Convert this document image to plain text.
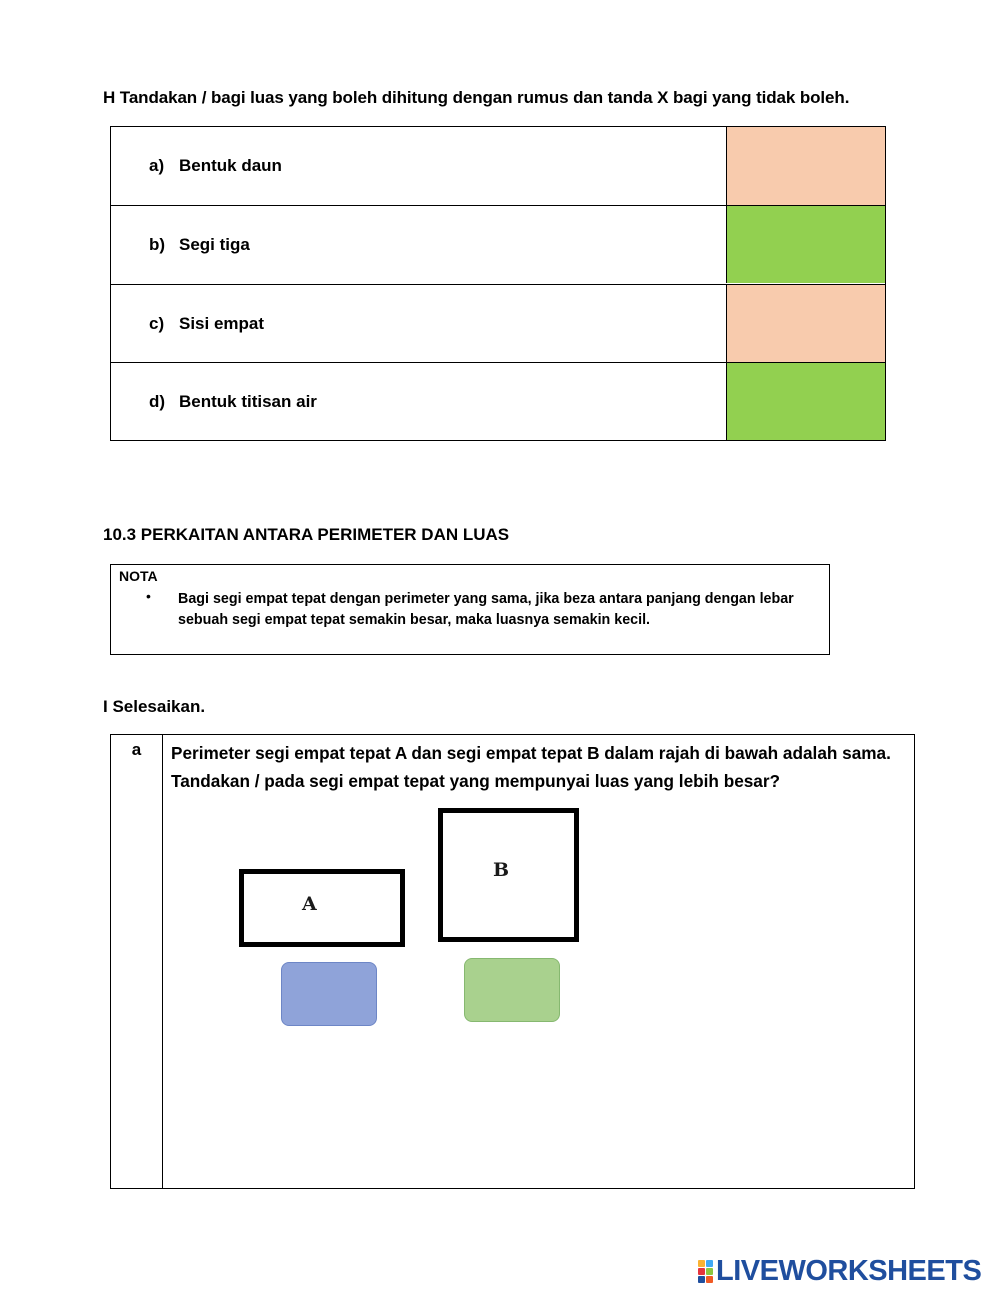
H Tandakan / bagi luas yang boleh dihitung dengan rumus dan tanda X bagi yang tidak boleh.
a) Bentuk daun
b) Segi tiga
c) Sisi empat
d) Bentuk titisan air
10.3 PERKAITAN ANTARA PERIMETER DAN LUAS
NOTA
• Bagi segi empat tepat dengan perimeter yang sama, jika beza antara panjang dengan lebar sebuah segi empat tepat semakin besar, maka luasnya semakin kecil.
I Selesaikan.
a	Perimeter segi empat tepat A dan segi empat tepat B dalam rajah di bawah adalah sama. Tandakan / pada segi empat tepat yang mempunyai luas yang lebih besar?
A
B
LIVEWORKSHEETS
